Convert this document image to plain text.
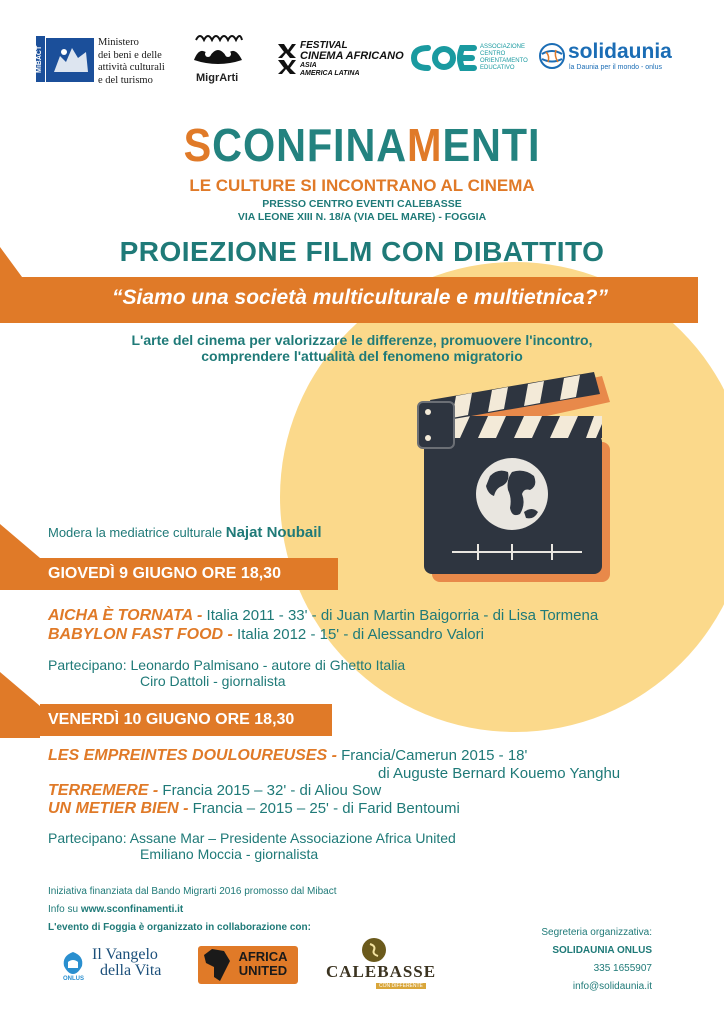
MiBACT
Ministero
dei beni e delle
attività culturali
e del turismo	MigrArti
FESTIVAL
CINEMA AFRICANO
ASIA
AMERICA LATINA
ASSOCIAZIONE
CENTRO
ORIENTAMENTO
EDUCATIVO
solidaunia
la Daunia per il mondo - onlus
SCONFINAMENTI
LE CULTURE SI INCONTRANO AL CINEMA
PRESSO CENTRO EVENTI CALEBASSE
VIA LEONE XIII N. 18/A (VIA DEL MARE) - FOGGIA
PROIEZIONE FILM CON DIBATTITO
“Siamo una società multiculturale e multietnica?”
L'arte del cinema per valorizzare le differenze, promuovere l'incontro,
comprendere l'attualità del fenomeno migratorio
Modera la mediatrice culturale Najat Noubail
GIOVEDÌ 9 GIUGNO ORE 18,30
AICHA È TORNATA - Italia 2011 - 33' - di Juan Martin Baigorria - di Lisa Tormena
BABYLON FAST FOOD - Italia 2012 - 15' - di Alessandro Valori
Partecipano: Leonardo Palmisano - autore di Ghetto Italia
Ciro Dattoli - giornalista
VENERDÌ 10 GIUGNO ORE 18,30
LES EMPREINTES DOULOUREUSES - Francia/Camerun 2015 - 18'
di Auguste Bernard Kouemo Yanghu
TERREMERE - Francia 2015 – 32' - di Aliou Sow
UN METIER BIEN - Francia – 2015 – 25' - di Farid Bentoumi
Partecipano: Assane Mar – Presidente Associazione Africa United
Emiliano Moccia - giornalista
Iniziativa finanziata dal Bando Migrarti 2016 promosso dal Mibact
Info su www.sconfinamenti.it
L'evento di Foggia è organizzato in collaborazione con:
ONLUS
Il Vangelo
della Vita
AFRICA UNITED	CALEBASSE
CON DIFFERENTE
Segreteria organizzativa:
SOLIDAUNIA ONLUS
335 1655907
info@solidaunia.it
